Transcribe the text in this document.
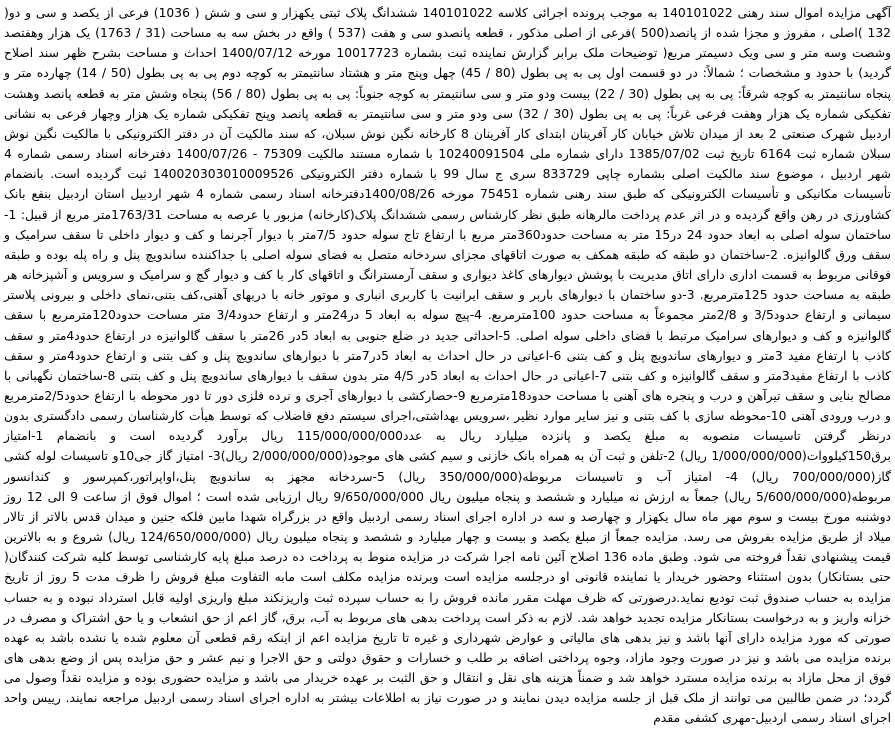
آگهی مزایده اموال سند رهنی 140101022 به موجب پرونده اجرائی کلاسه 140101022 ششدانگ پلاک ثبتی یکهزار و سی و شش ( 1036) فرعی از یکصد و سی و دو( 132 )اصلی ، مفروز و مجزا شده از پانصد(500 )فرعی از اصلی مذکور ، قطعه پانصدو سی و هفت (537 ) واقع در بخش سه به مساحت (31 / 1763) یک هزار وهفتصد وشصت وسه متر و سی ویک دسیمتر مربع( توضیحات ملک برابر گزارش نماینده ثبت بشماره 10017723 مورخه 1400/07/12 احداث و مساحت بشرح ظهر سند اصلاح گردید) با حدود و مشخصات ؛ شمالاً: در دو قسمت اول پی به پی بطول (80 / 45) چهل وپنج متر و هشتاد سانتیمتر به کوچه دوم پی به پی بطول (50 / 14) چهارده متر و پنجاه سانتیمتر به کوچه شرقاً: پی به پی بطول (30 / 22) بیست ودو متر و سی سانتیمتر به کوچه جنوباً: پی به پی بطول (80 / 56) پنجاه وشش متر به قطعه پانصد وهشت تفکیکی شماره یک هزار وهفت فرعی غرباً: پی به پی بطول (30 / 32) سی ودو متر و سی سانتیمتر به قطعه پانصد وپنج تفکیکی شماره یک هزار وچهار فرعی به نشانی اردبیل شهرک صنعتی 2 بعد از میدان تلاش خیابان کار آفرینان ابتدای کار آفرینان 8 کارخانه نگین نوش سبلان، که سند مالکیت آن در دفتر الکترونیکی با مالکیت نگین نوش سبلان شماره ثبت 6164 تاریخ ثبت 1385/07/02 دارای شماره ملی 10240091504 با شماره مستند مالکیت 75309 - 1400/07/26 دفترخانه اسناد رسمی شماره 4 شهر اردبیل ، موضوع سند مالکیت اصلی بشماره چاپی 833729 سری ج سال 99 با شماره دفتر الکترونیکی 140020303010009526 ثبت گردیده است. بانضمام تأسیسات مکانیکی و تأسیسات الکترونیکی که طبق سند رهنی شماره 75451 مورخه 1400/08/26دفترخانه اسناد رسمی شماره 4 شهر اردبیل استان اردبیل بنفع بانک کشاورزی در رهن واقع گردیده و در اثر عدم پرداخت مالرهانه طبق نظر کارشناس رسمی ششدانگ پلاک(کارخانه) مزبور با عرصه به مساحت 1763/31متر مربع از قبیل: 1-ساختمان سوله اصلی به ابعاد حدود 24 در15 متر به مساحت حدود360متر مربع با ارتفاع تاج سوله حدود 7/5متر با دیوار آجرنما و کف و دیوار داخلی تا سقف سرامیک و سقف ورق گالوانیزه. 2-ساختمان دو طبقه که طبقه همکف به صورت اتاقهای مجزای سردخانه متصل به فضای سوله اصلی با جداکننده ساندویچ پنل و راه پله بوده و طبقه فوقانی مربوط به قسمت اداری دارای اتاق مدیریت با پوشش دیوارهای کاغذ دیواری و سقف آرمسترانگ و اتاقهای کار با کف و دیوار گچ و سرامیک و سرویس و آشپزخانه هر طبقه به مساحت حدود 125مترمربع. 3-دو ساختمان با دیوارهای باربر و سقف ایرانیت با کاربری انباری و موتور خانه با دربهای آهنی،کف بتنی،نمای داخلی و بیرونی پلاستر سیمانی و ارتفاع حدود3/5 و 2/8متر مجموعاً به مساحت حدود 100مترمربع. 4-پیچ سوله به ابعاد 5 در24متر و ارتفاع حدود3/4 متر مساحت حدود120مترمربع با سقف گالوانیزه و کف و دیوارهای سرامیک مرتبط با فضای داخلی سوله اصلی. 5-احداثی جدید در ضلع جنوبی به ابعاد 5در 26متر با سقف گالوانیزه در ارتفاع حدود4متر و سقف کاذب با ارتفاع مفید 3متر و دیوارهای ساندویچ پنل و کف بتنی 6-اعیانی در حال احداث به ابعاد 5در7متر با دیوارهای ساندویچ پنل و کف بتنی و ارتفاع حدود4متر و سقف کاذب با ارتفاع مفید3متر و سقف گالوانیزه و کف بتنی 7-اعیانی در حال احداث به ابعاد 5در 4/5 متر بدون سقف با دیوارهای ساندویچ پنل و کف بتنی 8-ساختمان نگهبانی با مصالح بنایی و سقف تیرآهن و درب و پنجره های آهنی با مساحت حدود18مترمربع 9-حصارکشی با دیوارهای آجری و نرده فلزی دور تا دور محوطه با ارتفاع حدود2/5مترمربع و درب ورودی آهنی 10-محوطه سازی با کف بتنی و نیز سایر موارد نظیر ،سرویس بهداشتی،اجرای سیستم دفع فاضلاب که توسط هیأت کارشناسان رسمی دادگستری بدون درنظر گرفتن تاسیسات منصوبه به مبلغ یکصد و پانزده میلیارد ریال به عدد115/000/000/000 ریال برآورد گردیده است و بانضمام 1-امتیاز برق150کیلووات(1/000/000/000 ریال) 2-تلفن و ثبت آن به همراه بانک خازنی و سیم کشی های موجود(2/000/000/000 ریال)3- امتیاز گاز جی10و تاسیسات لوله کشی گاز(700/000/000 ریال) 4- امتیاز آب و تاسیسات مربوطه(350/000/000 ریال) 5-سردخانه مجهز به ساندویچ پنل،اواپراتور،کمپرسور و کندانسور مربوطه(5/600/000/000 ریال) جمعاً به ارزش نه میلیارد و ششصد و پنجاه میلیون ریال 9/650/000/000 ریال ارزیابی شده است ؛ اموال فوق از ساعت 9 الی 12 روز دوشنبه مورخ بیست و سوم مهر ماه سال یکهزار و چهارصد و سه در اداره اجرای اسناد رسمی اردبیل واقع در بزرگراه شهدا مابین فلکه جنین و میدان قدس بالاتر از تالار میلاد از طریق مزایده بفروش می رسد. مزایده جمعاً از مبلغ یکصد و بیست و چهار میلیارد و ششصد و پنجاه میلیون ریال (124/650/000/000 ریال) شروع و به بالاترین قیمت پیشنهادی نقداً فروخته می شود. وطبق ماده 136 اصلاح آئین نامه اجرا شرکت در مزایده منوط به پرداخت ده درصد مبلغ پایه کارشناسی توسط کلیه شرکت کنندگان( حتی بستانکار) بدون استثناء وحضور خریدار یا نماینده قانونی او درجلسه مزایده است وبرنده مزایده مکلف است مابه التفاوت مبلغ فروش را ظرف مدت 5 روز از تاریخ مزایده به حساب صندوق ثبت توديع نمايد.درصورتی که ظرف مهلت مقرر مانده فروش را به حساب سپرده ثبت واريزنكند مبلغ واریزی اولیه قابل استرداد نبوده و به حساب خزانه واریز و به درخواست بستانکار مزایده تجدید خواهد شد. لازم به ذکر است پرداخت بدهی های مربوط به آب، برق، گاز اعم از حق انشعاب و یا حق اشتراک و مصرف در صورتی که مورد مزایده دارای آنها باشد و نیز بدهی های مالیاتی و عوارض شهرداری و غیره تا تاریخ مزایده اعم از اینکه رقم قطعی آن معلوم شده یا نشده باشد به عهده برنده مزایده می باشد و نیز در صورت وجود مازاد، وجوه پرداختی اضافه بر طلب و خسارات و حقوق دولتی و حق الاجرا و نیم عشر و حق مزایده پس از وضع بدهی های فوق از محل مازاد به برنده مزایده مسترد خواهد شد و ضمناً هزینه های نقل و انتقال و حق الثبت بر عهده خریدار می باشد و مزایده حضوری بوده و مزایده نقداً وصول می گردد؛ در ضمن طالبین می توانند از ملک قبل از جلسه مزایده دیدن نمایند و در صورت نیاز به اطلاعات بیشتر به اداره اجرای اسناد رسمی اردبیل مراجعه نمایند. رییس واحد اجرای اسناد رسمی اردبیل-مهری کشفی مقدم
